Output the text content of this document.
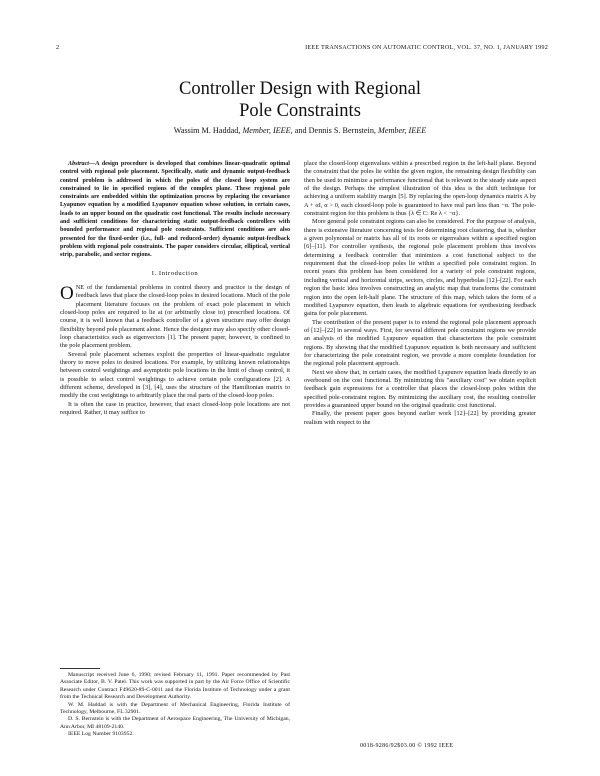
2	IEEE TRANSACTIONS ON AUTOMATIC CONTROL, VOL. 37, NO. 1, JANUARY 1992
Controller Design with Regional
Pole Constraints
Wassim M. Haddad, Member, IEEE, and Dennis S. Bernstein, Member, IEEE

Abstract—A design procedure is developed that combines linear-quadratic optimal control with regional pole placement. Specifically, static and dynamic output-feedback control problem is addressed in which the poles of the closed loop system are constrained to lie in specified regions of the complex plane. These regional pole constraints are embedded within the optimization process by replacing the covariance Lyapunov equation by a modified Lyapunov equation whose solution, in certain cases, leads to an upper bound on the quadratic cost functional. The results include necessary and sufficient conditions for characterizing static output-feedback controllers with bounded performance and regional pole constraints. Sufficient conditions are also presented for the fixed-order (i.e., full- and reduced-order) dynamic output-feedback problem with regional pole constraints. The paper considers circular, elliptical, vertical strip, parabolic, and sector regions.

I. Introduction

ONE of the fundamental problems in control theory and practice is the design of feedback laws that place the closed-loop poles in desired locations. Much of the pole placement literature focuses on the problem of exact pole placement in which closed-loop poles are required to lie at (or arbitrarily close to) prescribed locations. Of course, it is well known that a feedback controller of a given structure may offer design flexibility beyond pole placement alone. Hence the designer may also specify other closed-loop characteristics such as eigenvectors [1]. The present paper, however, is confined to the pole placement problem.

Several pole placement schemes exploit the properties of linear-quadratic regulator theory to move poles to desired locations. For example, by utilizing known relationships between control weightings and asymptotic pole locations in the limit of cheap control, it is possible to select control weightings to achieve certain pole configurations [2]. A different scheme, developed in [3], [4], uses the structure of the Hamiltonian matrix to modify the cost weightings to arbitrarily place the real parts of the closed-loop poles.

It is often the case in practice, however, that exact closed-loop pole locations are not required. Rather, it may suffice to

Manuscript received June 6, 1990; revised February 11, 1991. Paper recommended by Past Associate Editor, B. V. Patel. This work was supported in part by the Air Force Office of Scientific Research under Contract F49620-89-C-0011 and the Florida Institute of Technology under a grant from the Technical Research and Development Authority.

W. M. Haddad is with the Department of Mechanical Engineering, Florida Institute of Technology, Melbourne, FL 32901.

D. S. Bernstein is with the Department of Aerospace Engineering, The University of Michigan, Ann Arbor, MI 48109-2140.

IEEE Log Number 9103952.

place the closed-loop eigenvalues within a prescribed region in the left-half plane. Beyond the constraint that the poles lie within the given region, the remaining design flexibility can then be used to minimize a performance functional that is relevant to the steady state aspect of the design. Perhaps the simplest illustration of this idea is the shift technique for achieving a uniform stability margin [5]. By replacing the open-loop dynamics matrix A by A + αI, α > 0, each closed-loop pole is guaranteed to have real part less than −α. The pole-constraint region for this problem is thus {λ ∈ C: Re λ < −α}.

More general pole constraint regions can also be considered. For the purpose of analysis, there is extensive literature concerning tests for determining root clustering, that is, whether a given polynomial or matrix has all of its roots or eigenvalues within a specified region [6]–[11]. For controller synthesis, the regional pole placement problem thus involves determining a feedback controller that minimizes a cost functional subject to the requirement that the closed-loop poles lie within a specified pole constraint region. In recent years this problem has been considered for a variety of pole constraint regions, including vertical and horizontal strips, sectors, circles, and hyperbolas [12]–[22]. For each region the basic idea involves constructing an analytic map that transforms the constraint region into the open left-half plane. The structure of this map, which takes the form of a modified Lyapunov equation, then leads to algebraic equations for synthesizing feedback gains for pole placement.

The contribution of the present paper is to extend the regional pole placement approach of [12]–[22] in several ways. First, for several different pole constraint regions we provide an analysis of the modified Lyapunov equation that characterizes the pole constraint regions. By showing that the modified Lyapunov equation is both necessary and sufficient for characterizing the pole constraint region, we provide a more complete foundation for the regional pole placement approach.

Next we show that, in certain cases, the modified Lyapunov equation leads directly to an overbound on the cost functional. By minimizing this "auxiliary cost" we obtain explicit feedback gain expressions for a controller that places the closed-loop poles within the specified pole-constraint region. By minimizing the auxiliary cost, the resulting controller provides a guaranteed upper bound on the original quadratic cost functional.

Finally, the present paper goes beyond earlier work [12]–[22] by providing greater realism with respect to the

0018-9286/92$03.00 © 1992 IEEE
